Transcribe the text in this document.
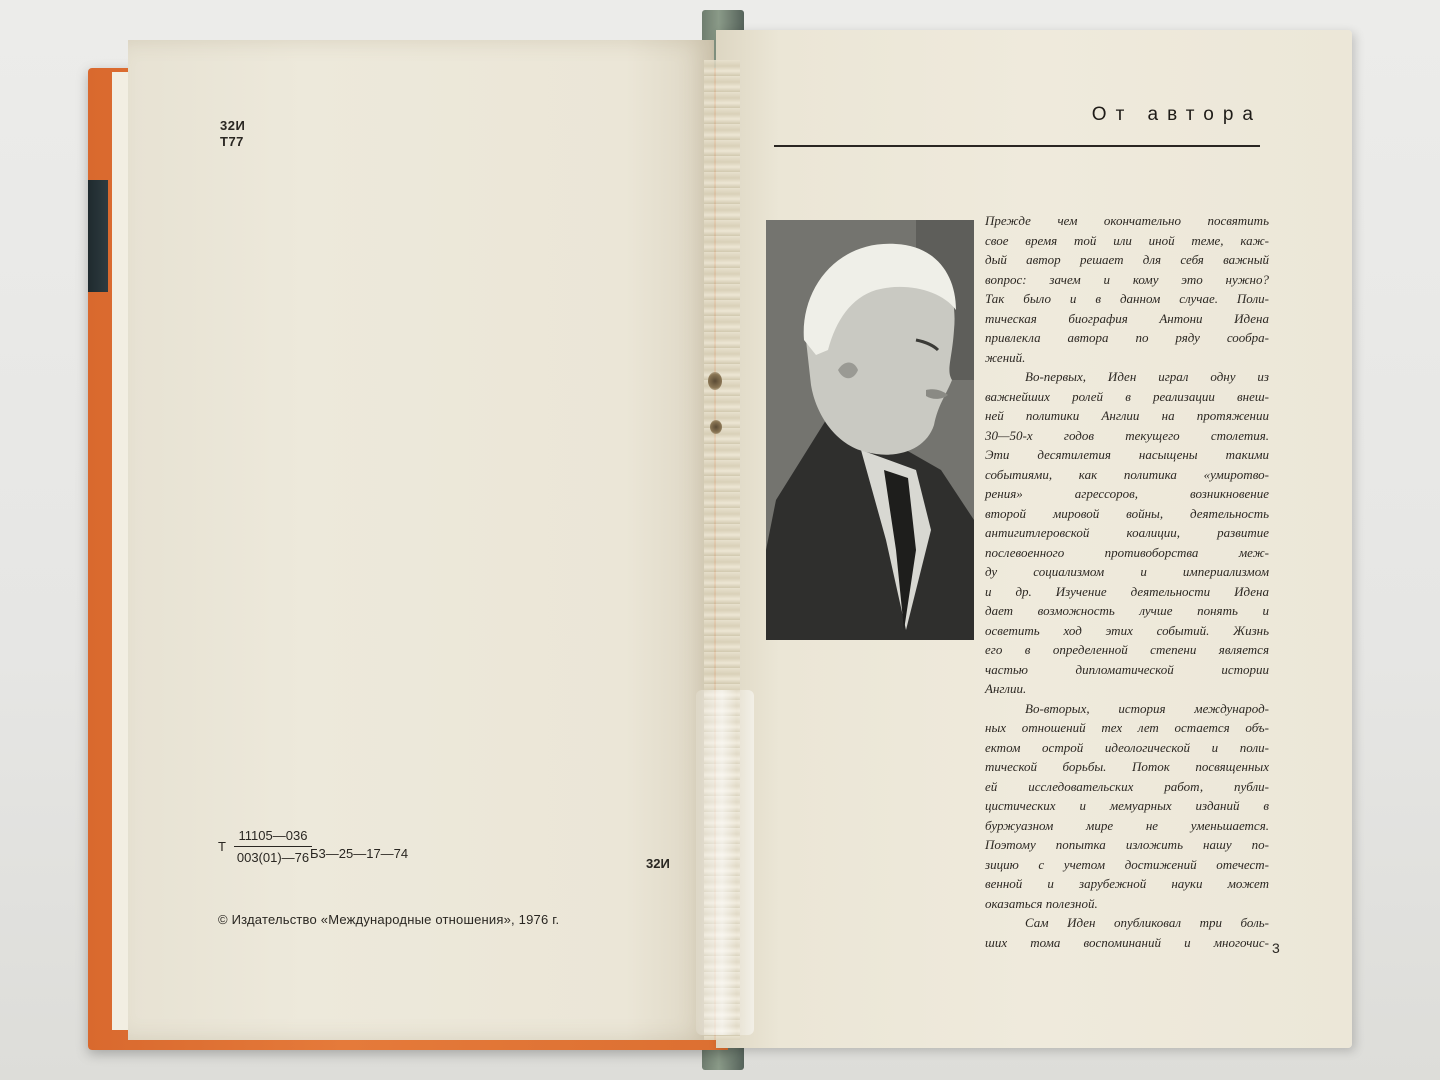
32И
Т77
Т $\frac{11105—036}{003(01)—76}$
Б3—25—17—74
32И
© Издательство «Международные отношения», 1976 г.
От автора
Прежде чем окончательно посвятить
свое время той или иной теме, каж-
дый автор решает для себя важный
вопрос: зачем и кому это нужно?
Так было и в данном случае. Поли-
тическая биография Антони Идена
привлекла автора по ряду сообра-
жений.
Во-первых, Иден играл одну из
важнейших ролей в реализации внеш-
ней политики Англии на протяжении
30—50-х годов текущего столетия.
Эти десятилетия насыщены такими
событиями, как политика «умиротво-
рения» агрессоров, возникновение
второй мировой войны, деятельность
антигитлеровской коалиции, развитие
послевоенного противоборства меж-
ду социализмом и империализмом
и др. Изучение деятельности Идена
дает возможность лучше понять и
осветить ход этих событий. Жизнь
его в определенной степени является
частью дипломатической истории
Англии.
Во-вторых, история международ-
ных отношений тех лет остается объ-
ектом острой идеологической и поли-
тической борьбы. Поток посвященных
ей исследовательских работ, публи-
цистических и мемуарных изданий в
буржуазном мире не уменьшается.
Поэтому попытка изложить нашу по-
зицию с учетом достижений отечест-
венной и зарубежной науки может
оказаться полезной.
Сам Иден опубликовал три боль-
ших тома воспоминаний и многочис- 3
